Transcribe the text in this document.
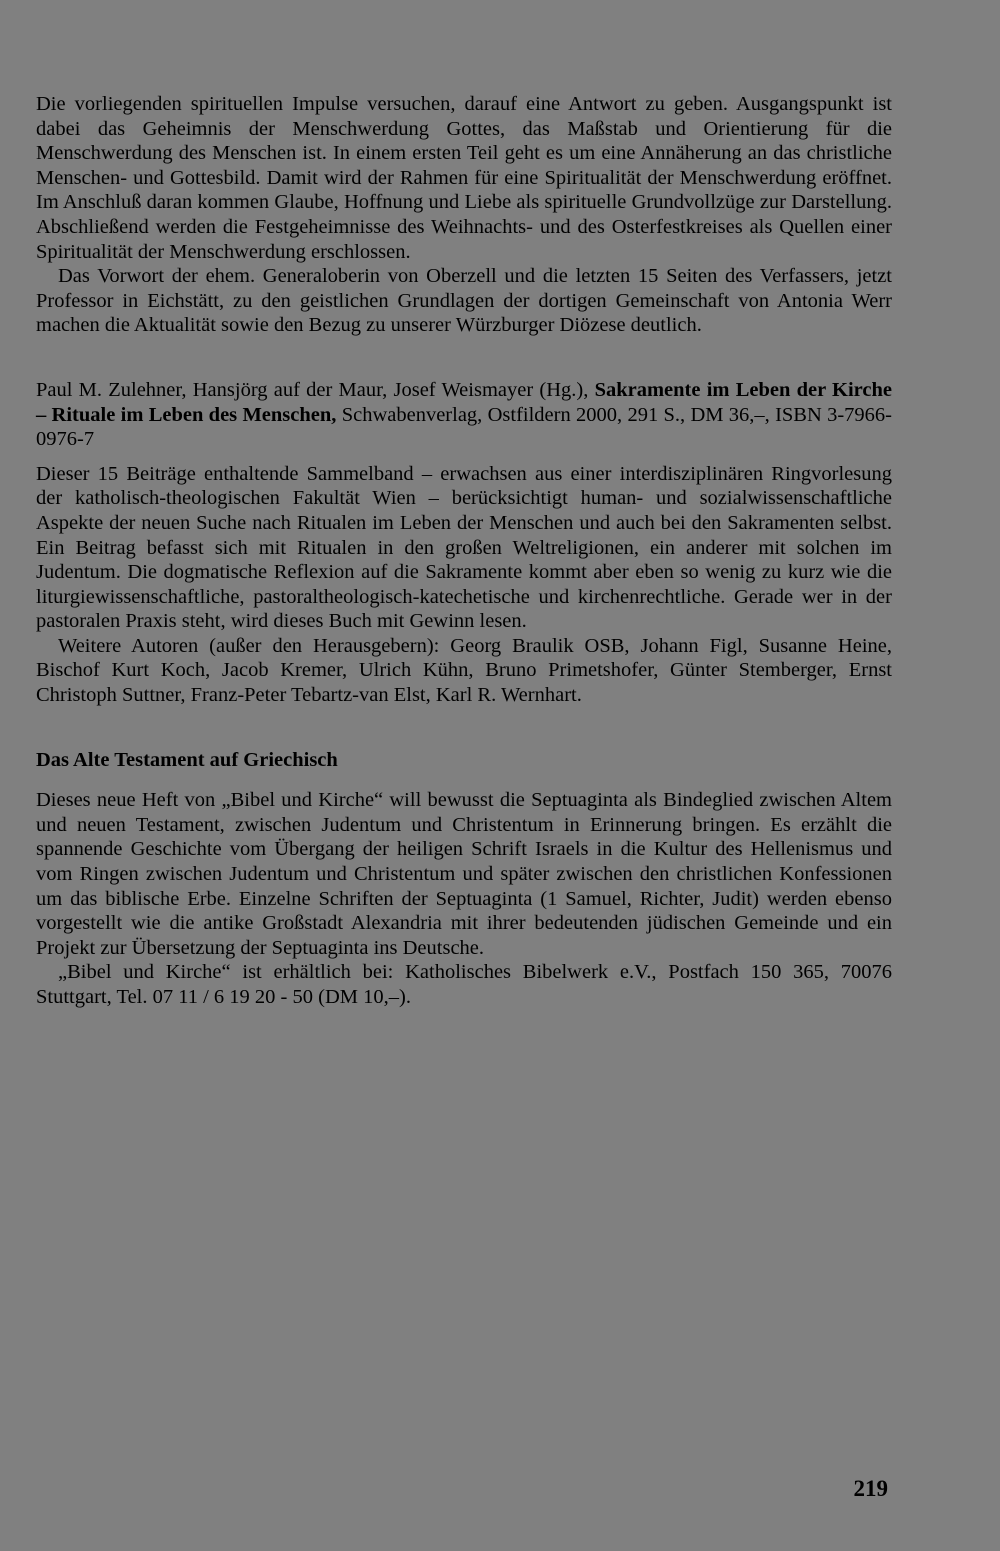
Die vorliegenden spirituellen Impulse versuchen, darauf eine Antwort zu geben. Ausgangspunkt ist dabei das Geheimnis der Menschwerdung Gottes, das Maßstab und Orientierung für die Menschwerdung des Menschen ist. In einem ersten Teil geht es um eine Annäherung an das christliche Menschen- und Gottesbild. Damit wird der Rahmen für eine Spiritualität der Menschwerdung eröffnet. Im Anschluß daran kommen Glaube, Hoffnung und Liebe als spirituelle Grundvollzüge zur Darstellung. Abschließend werden die Festgeheimnisse des Weihnachts- und des Osterfestkreises als Quellen einer Spiritualität der Menschwerdung erschlossen.

Das Vorwort der ehem. Generaloberin von Oberzell und die letzten 15 Seiten des Verfassers, jetzt Professor in Eichstätt, zu den geistlichen Grundlagen der dortigen Gemeinschaft von Antonia Werr machen die Aktualität sowie den Bezug zu unserer Würzburger Diözese deutlich.

Paul M. Zulehner, Hansjörg auf der Maur, Josef Weismayer (Hg.), Sakramente im Leben der Kirche – Rituale im Leben des Menschen, Schwabenverlag, Ostfildern 2000, 291 S., DM 36,–, ISBN 3-7966-0976-7

Dieser 15 Beiträge enthaltende Sammelband – erwachsen aus einer interdisziplinären Ringvorlesung der katholisch-theologischen Fakultät Wien – berücksichtigt human- und sozialwissenschaftliche Aspekte der neuen Suche nach Ritualen im Leben der Menschen und auch bei den Sakramenten selbst. Ein Beitrag befasst sich mit Ritualen in den großen Weltreligionen, ein anderer mit solchen im Judentum. Die dogmatische Reflexion auf die Sakramente kommt aber eben so wenig zu kurz wie die liturgiewissenschaftliche, pastoraltheologisch-katechetische und kirchenrechtliche. Gerade wer in der pastoralen Praxis steht, wird dieses Buch mit Gewinn lesen.

Weitere Autoren (außer den Herausgebern): Georg Braulik OSB, Johann Figl, Susanne Heine, Bischof Kurt Koch, Jacob Kremer, Ulrich Kühn, Bruno Primetshofer, Günter Stemberger, Ernst Christoph Suttner, Franz-Peter Tebartz-van Elst, Karl R. Wernhart.

Das Alte Testament auf Griechisch

Dieses neue Heft von „Bibel und Kirche“ will bewusst die Septuaginta als Bindeglied zwischen Altem und neuen Testament, zwischen Judentum und Christentum in Erinnerung bringen. Es erzählt die spannende Geschichte vom Übergang der heiligen Schrift Israels in die Kultur des Hellenismus und vom Ringen zwischen Judentum und Christentum und später zwischen den christlichen Konfessionen um das biblische Erbe. Einzelne Schriften der Septuaginta (1 Samuel, Richter, Judit) werden ebenso vorgestellt wie die antike Großstadt Alexandria mit ihrer bedeutenden jüdischen Gemeinde und ein Projekt zur Übersetzung der Septuaginta ins Deutsche.

„Bibel und Kirche“ ist erhältlich bei: Katholisches Bibelwerk e.V., Postfach 150 365, 70076 Stuttgart, Tel. 07 11 / 6 19 20 - 50 (DM 10,–).

219
